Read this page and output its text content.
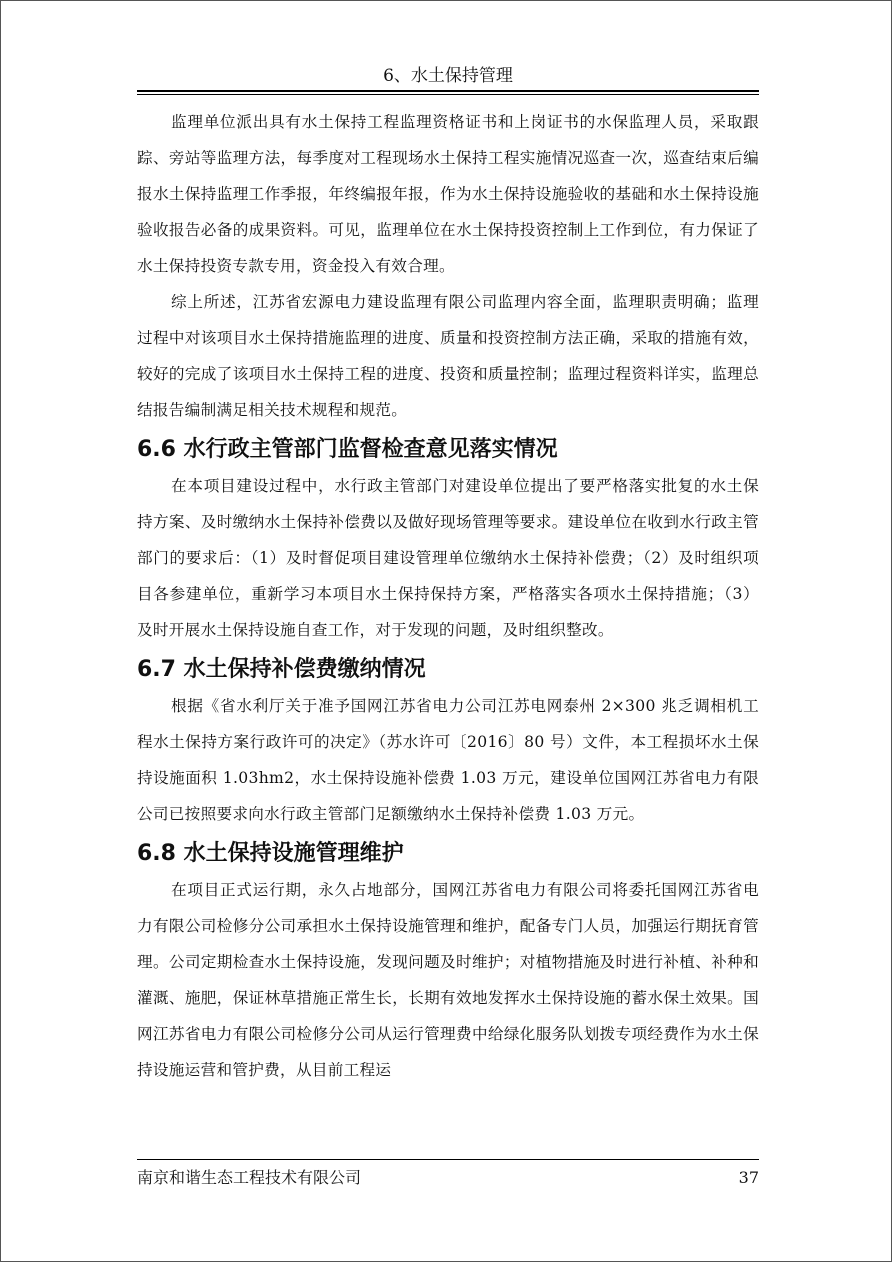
6、水土保持管理

监理单位派出具有水土保持工程监理资格证书和上岗证书的水保监理人员，采取跟踪、旁站等监理方法，每季度对工程现场水土保持工程实施情况巡查一次，巡查结束后编报水土保持监理工作季报，年终编报年报，作为水土保持设施验收的基础和水土保持设施验收报告必备的成果资料。可见，监理单位在水土保持投资控制上工作到位，有力保证了水土保持投资专款专用，资金投入有效合理。

综上所述，江苏省宏源电力建设监理有限公司监理内容全面，监理职责明确；监理过程中对该项目水土保持措施监理的进度、质量和投资控制方法正确，采取的措施有效，较好的完成了该项目水土保持工程的进度、投资和质量控制；监理过程资料详实，监理总结报告编制满足相关技术规程和规范。

6.6 水行政主管部门监督检查意见落实情况

在本项目建设过程中，水行政主管部门对建设单位提出了要严格落实批复的水土保持方案、及时缴纳水土保持补偿费以及做好现场管理等要求。建设单位在收到水行政主管部门的要求后：（1）及时督促项目建设管理单位缴纳水土保持补偿费；（2）及时组织项目各参建单位，重新学习本项目水土保持保持方案，严格落实各项水土保持措施；（3）及时开展水土保持设施自查工作，对于发现的问题，及时组织整改。

6.7 水土保持补偿费缴纳情况

根据《省水利厅关于准予国网江苏省电力公司江苏电网泰州 2×300 兆乏调相机工程水土保持方案行政许可的决定》（苏水许可〔2016〕80 号）文件，本工程损坏水土保持设施面积 1.03hm2，水土保持设施补偿费 1.03 万元，建设单位国网江苏省电力有限公司已按照要求向水行政主管部门足额缴纳水土保持补偿费 1.03 万元。

6.8 水土保持设施管理维护

在项目正式运行期，永久占地部分，国网江苏省电力有限公司将委托国网江苏省电力有限公司检修分公司承担水土保持设施管理和维护，配备专门人员，加强运行期抚育管理。公司定期检查水土保持设施，发现问题及时维护；对植物措施及时进行补植、补种和灌溉、施肥，保证林草措施正常生长，长期有效地发挥水土保持设施的蓄水保土效果。国网江苏省电力有限公司检修分公司从运行管理费中给绿化服务队划拨专项经费作为水土保持设施运营和管护费，从目前工程运

南京和谐生态工程技术有限公司	37
